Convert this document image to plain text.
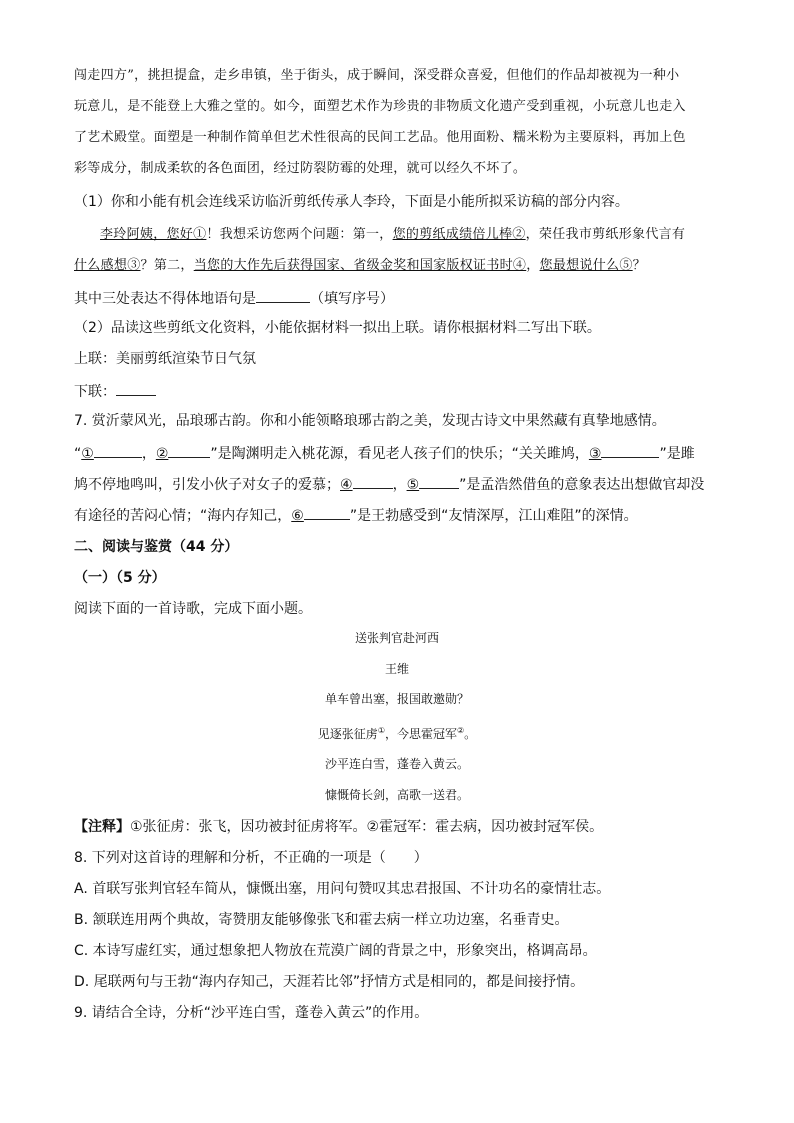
闯走四方”，挑担提盒，走乡串镇，坐于街头，成于瞬间，深受群众喜爱，但他们的作品却被视为一种小
玩意儿，是不能登上大雅之堂的。如今，面塑艺术作为珍贵的非物质文化遗产受到重视，小玩意儿也走入
了艺术殿堂。面塑是一种制作简单但艺术性很高的民间工艺品。他用面粉、糯米粉为主要原料，再加上色
彩等成分，制成柔软的各色面团，经过防裂防霉的处理，就可以经久不坏了。
（1）你和小能有机会连线采访临沂剪纸传承人李玲，下面是小能所拟采访稿的部分内容。
李玲阿姨，您好①！我想采访您两个问题：第一，您的剪纸成绩倍儿棒②，荣任我市剪纸形象代言有
什么感想③？第二，当您的大作先后获得国家、省级金奖和国家版权证书时④，您最想说什么⑤？
其中三处表达不得体地语句是	（填写序号）
（2）品读这些剪纸文化资料，小能依据材料一拟出上联。请你根据材料二写出下联。
上联：美丽剪纸渲染节日气氛
下联：
7. 赏沂蒙风光，品琅琊古韵。你和小能领略琅琊古韵之美，发现古诗文中果然藏有真挚地感情。
“①	，②	”是陶渊明走入桃花源，看见老人孩子们的快乐；“关关雎鸠，③	”是雎
鸠不停地鸣叫，引发小伙子对女子的爱慕；④	，⑤	”是孟浩然借鱼的意象表达出想做官却没
有途径的苦闷心情；“海内存知己，⑥	”是王勃感受到“友情深厚，江山难阻”的深情。
二、阅读与鉴赏（44 分）
（一）（5 分）
阅读下面的一首诗歌，完成下面小题。
送张判官赴河西
王维
单车曾出塞，报国敢邀勋？
见逐张征虏①，今思霍冠军②。
沙平连白雪，蓬卷入黄云。
慷慨倚长剑，高歌一送君。
【注释】①张征虏：张飞，因功被封征虏将军。②霍冠军：霍去病，因功被封冠军侯。
8. 下列对这首诗的理解和分析，不正确的一项是（　　）
A. 首联写张判官轻车简从，慷慨出塞，用问句赞叹其忠君报国、不计功名的豪情壮志。
B. 颔联连用两个典故，寄赞朋友能够像张飞和霍去病一样立功边塞，名垂青史。
C. 本诗写虚红实，通过想象把人物放在荒漠广阔的背景之中，形象突出，格调高昂。
D. 尾联两句与王勃“海内存知己，天涯若比邻”抒情方式是相同的，都是间接抒情。
9. 请结合全诗，分析“沙平连白雪，蓬卷入黄云”的作用。
